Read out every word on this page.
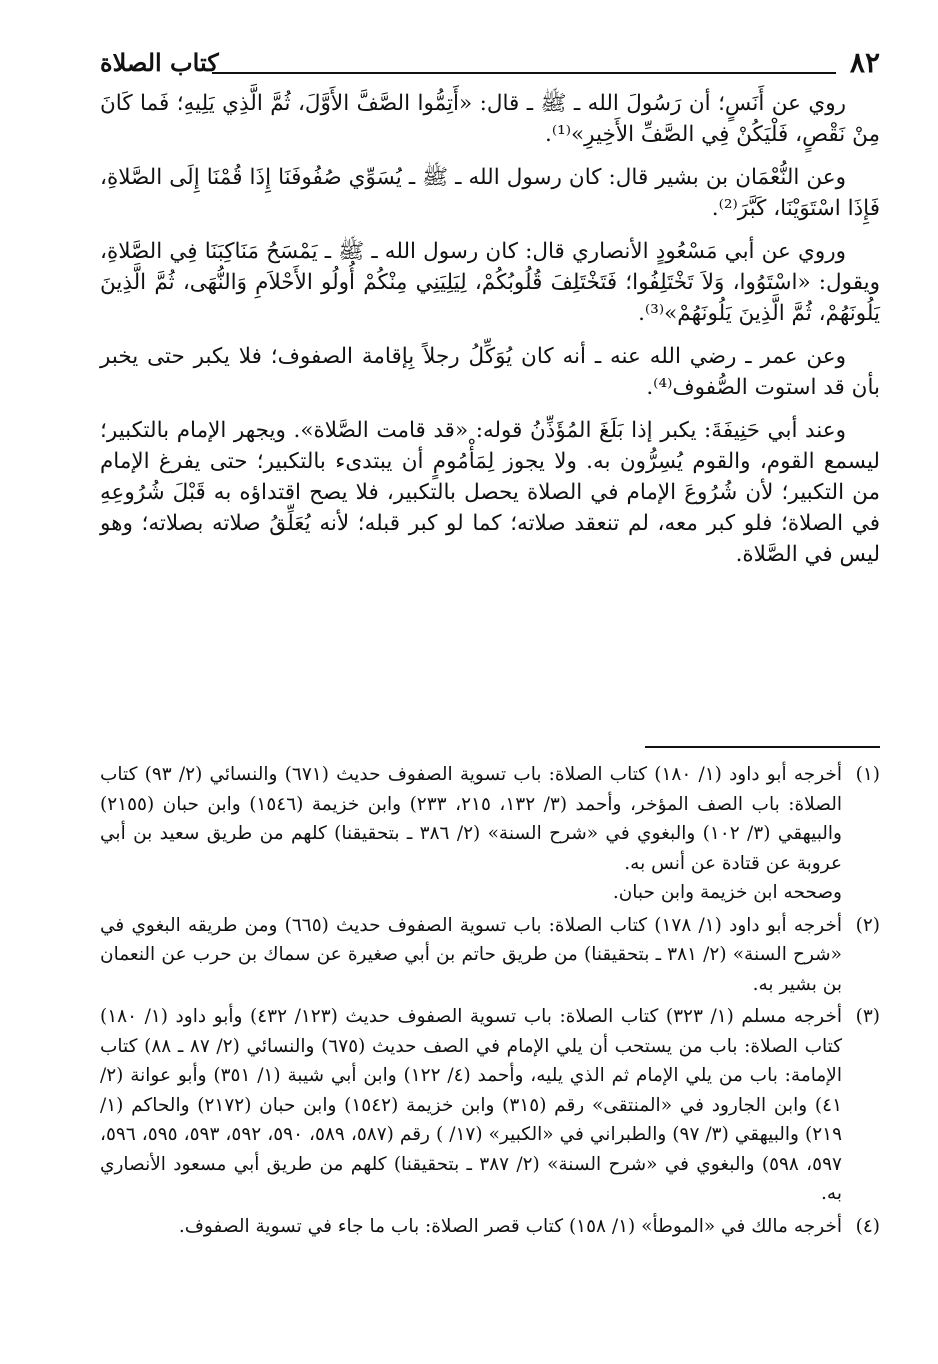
كتاب الصلاة	٨٢

روي عن أَنَسٍ؛ أن رَسُولَ الله ـ ﷺ ـ قال: «أَتِمُّوا الصَّفَّ الأَوَّلَ، ثُمَّ الَّذِي يَلِيهِ؛ فَما كَانَ مِنْ نَقْصٍ، فَلْيَكُنْ فِي الصَّفِّ الأَخِيرِ»⁽¹⁾.

وعن النُّعْمَان بن بشير قال: كان رسول الله ـ ﷺ ـ يُسَوِّي صُفُوفَنَا إِذَا قُمْنَا إِلَى الصَّلاةِ، فَإِذَا اسْتَوَيْنَا، كَبَّرَ⁽²⁾.

وروي عن أبي مَسْعُودٍ الأنصاري قال: كان رسول الله ـ ﷺ ـ يَمْسَحُ مَنَاكِبَنَا فِي الصَّلاةِ، ويقول: «اسْتَوُوا، وَلاَ تَخْتَلِفُوا؛ فَتَخْتَلِفَ قُلُوبُكُمْ، لِيَلِيَنِي مِنْكُمْ أُولُو الأَحْلاَمِ وَالنُّهَى، ثُمَّ الَّذِينَ يَلُونَهُمْ، ثُمَّ الَّذِينَ يَلُونَهُمْ»⁽³⁾.

وعن عمر ـ رضي الله عنه ـ أنه كان يُوَكِّلُ رجلاً بِإقامة الصفوف؛ فلا يكبر حتى يخبر بأن قد استوت الصُّفوف⁽⁴⁾.

وعند أبي حَنِيفَةَ: يكبر إذا بَلَغَ المُؤَذِّنُ قوله: «قد قامت الصَّلاة». ويجهر الإمام بالتكبير؛ ليسمع القوم، والقوم يُسِرُّون به. ولا يجوز لِمَأْمُومٍ أن يبتدىء بالتكبير؛ حتى يفرغ الإمام من التكبير؛ لأن شُرُوعَ الإمام في الصلاة يحصل بالتكبير، فلا يصح اقتداؤه به قَبْلَ شُرُوعِهِ في الصلاة؛ فلو كبر معه، لم تنعقد صلاته؛ كما لو كبر قبله؛ لأنه يُعَلِّقُ صلاته بصلاته؛ وهو ليس في الصَّلاة.

(١)
أخرجه أبو داود (١/ ١٨٠) كتاب الصلاة: باب تسوية الصفوف حديث (٦٧١) والنسائي (٢/ ٩٣) كتاب الصلاة: باب الصف المؤخر، وأحمد (٣/ ١٣٢، ٢١٥، ٢٣٣) وابن خزيمة (١٥٤٦) وابن حبان (٢١٥٥) والبيهقي (٣/ ١٠٢) والبغوي في «شرح السنة» (٢/ ٣٨٦ ـ بتحقيقنا) كلهم من طريق سعيد بن أبي عروبة عن قتادة عن أنس به.
وصححه ابن خزيمة وابن حبان.
(٢)
أخرجه أبو داود (١/ ١٧٨) كتاب الصلاة: باب تسوية الصفوف حديث (٦٦٥) ومن طريقه البغوي في «شرح السنة» (٢/ ٣٨١ ـ بتحقيقنا) من طريق حاتم بن أبي صغيرة عن سماك بن حرب عن النعمان بن بشير به.
(٣)
أخرجه مسلم (١/ ٣٢٣) كتاب الصلاة: باب تسوية الصفوف حديث (١٢٣/ ٤٣٢) وأبو داود (١/ ١٨٠) كتاب الصلاة: باب من يستحب أن يلي الإمام في الصف حديث (٦٧٥) والنسائي (٢/ ٨٧ ـ ٨٨) كتاب الإمامة: باب من يلي الإمام ثم الذي يليه، وأحمد (٤/ ١٢٢) وابن أبي شيبة (١/ ٣٥١) وأبو عوانة (٢/ ٤١) وابن الجارود في «المنتقى» رقم (٣١٥) وابن خزيمة (١٥٤٢) وابن حبان (٢١٧٢) والحاكم (١/ ٢١٩) والبيهقي (٣/ ٩٧) والطبراني في «الكبير» (١٧/ ) رقم (٥٨٧، ٥٨٩، ٥٩٠، ٥٩٢، ٥٩٣، ٥٩٥، ٥٩٦، ٥٩٧، ٥٩٨) والبغوي في «شرح السنة» (٢/ ٣٨٧ ـ بتحقيقنا) كلهم من طريق أبي مسعود الأنصاري به.
(٤)
أخرجه مالك في «الموطأ» (١/ ١٥٨) كتاب قصر الصلاة: باب ما جاء في تسوية الصفوف.
